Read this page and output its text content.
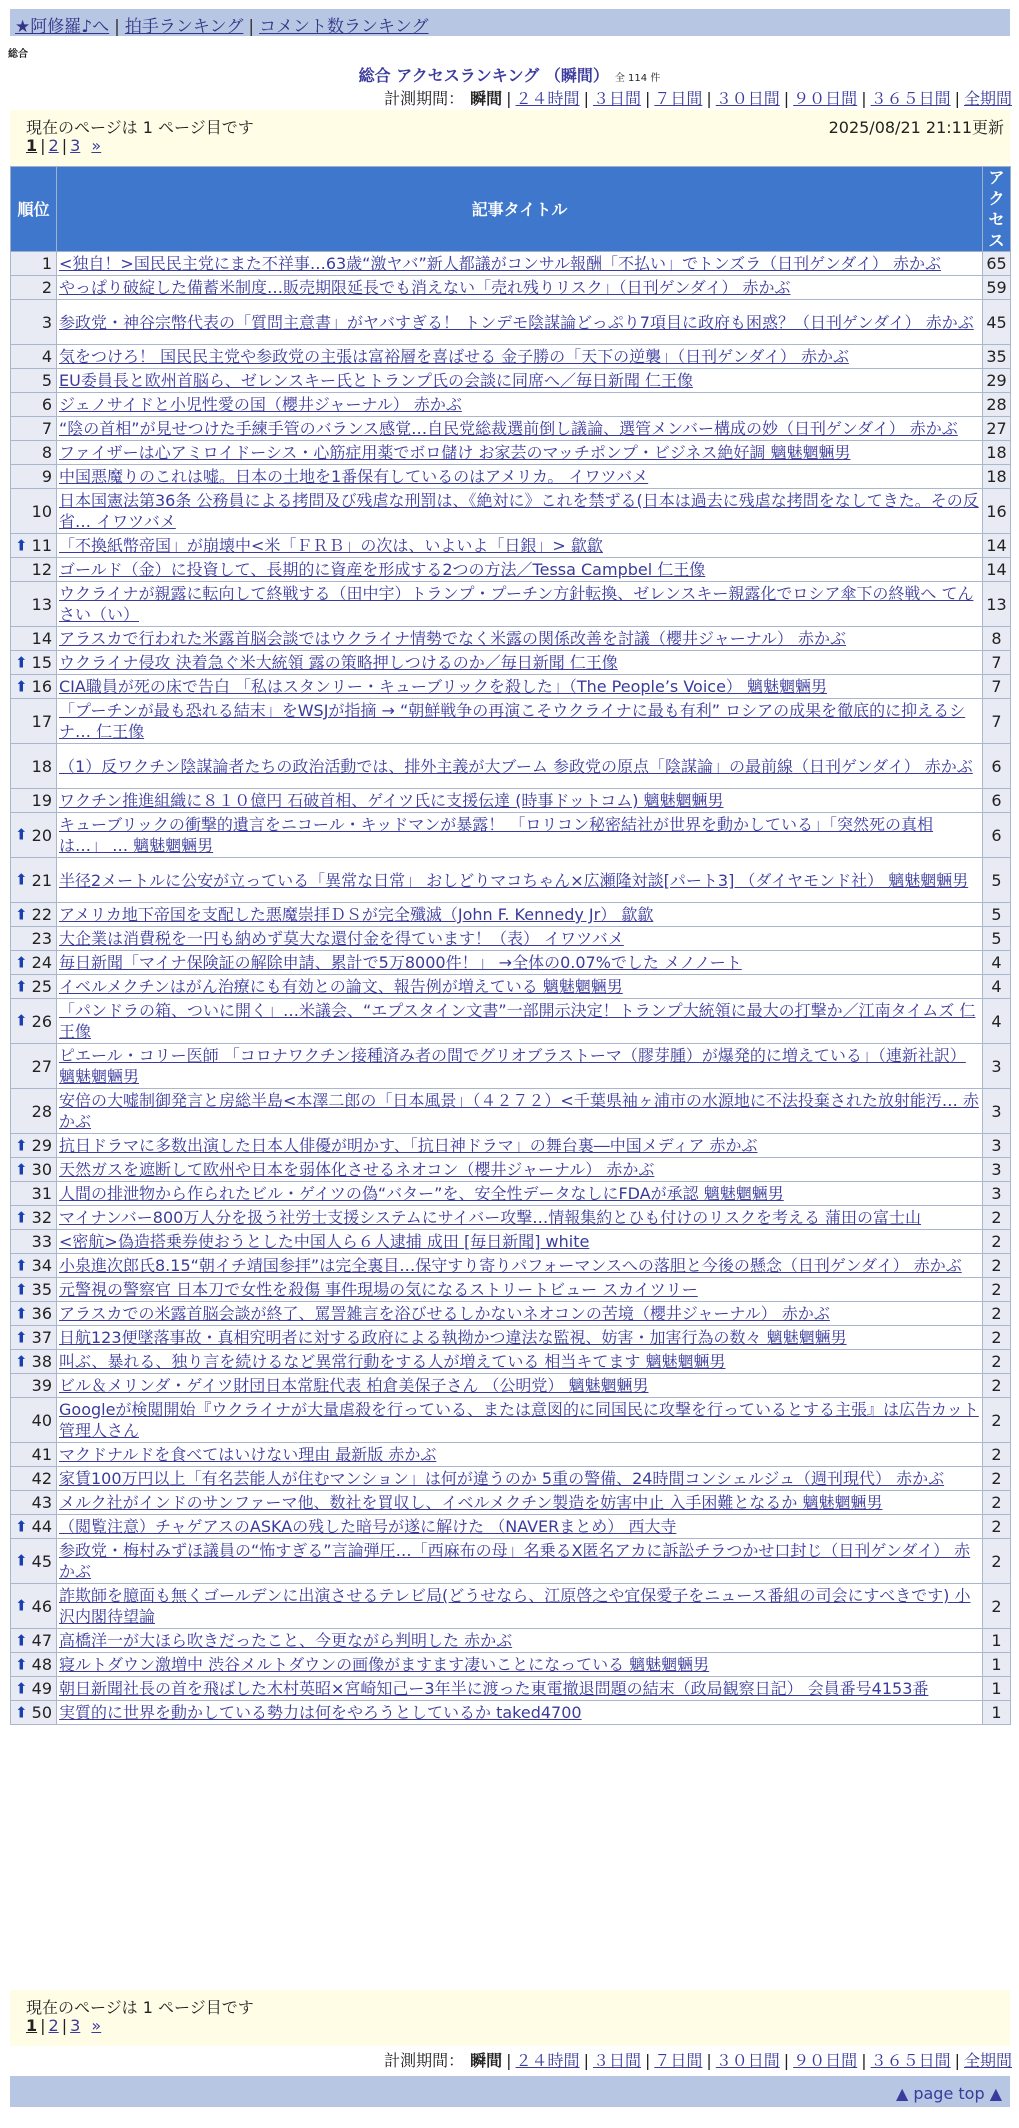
★阿修羅♪へ | 拍手ランキング | コメント数ランキング
総合
総合 アクセスランキング （瞬間） 全 114 件
計測期間： 瞬間 | ２４時間 | ３日間 | ７日間 | ３０日間 | ９０日間 | ３６５日間 | 全期間
現在のページは 1 ページ目です	2025/08/21 21:11更新
1 | 2 | 3 »
順位	記事タイトル	アクセス
1	<独自！>国民民主党にまた不祥事…63歳“激ヤバ”新人都議がコンサル報酬「不払い」でトンズラ（日刊ゲンダイ） 赤かぶ	65
2	やっぱり破綻した備蓄米制度…販売期限延長でも消えない「売れ残りリスク」（日刊ゲンダイ） 赤かぶ	59
3	参政党・神谷宗幣代表の「質問主意書」がヤバすぎる！ トンデモ陰謀論どっぷり7項目に政府も困惑？（日刊ゲンダイ） 赤かぶ	45
4	気をつけろ！ 国民民主党や参政党の主張は富裕層を喜ばせる 金子勝の「天下の逆襲」（日刊ゲンダイ） 赤かぶ	35
5	EU委員長と欧州首脳ら、ゼレンスキー氏とトランプ氏の会談に同席へ／毎日新聞 仁王像	29
6	ジェノサイドと小児性愛の国（櫻井ジャーナル） 赤かぶ	28
7	“陰の首相”が見せつけた手練手管のバランス感覚…自民党総裁選前倒し議論、選管メンバー構成の妙（日刊ゲンダイ） 赤かぶ	27
8	ファイザーは心アミロイドーシス・心筋症用薬でボロ儲け お家芸のマッチポンプ・ビジネス絶好調 魑魅魍魎男	18
9	中国悪魔りのこれは嘘。日本の土地を1番保有しているのはアメリカ。 イワツバメ	18
10	日本国憲法第36条 公務員による拷問及び残虐な刑罰は、《絶対に》これを禁ずる(日本は過去に残虐な拷問をなしてきた。その反省… イワツバメ	16

⬆ 11	「不換紙幣帝国」が崩壊中<米「ＦＲＢ」の次は、いよいよ「日銀」> 歙歙	14
12	ゴールド（金）に投資して、長期的に資産を形成する2つの方法／Tessa Campbel 仁王像	14
13	ウクライナが親露に転向して終戦する（田中宇）トランプ・プーチン方針転換、ゼレンスキー親露化でロシア傘下の終戦へ てんさい（い）	13
14	アラスカで行われた米露首脳会談ではウクライナ情勢でなく米露の関係改善を討議（櫻井ジャーナル） 赤かぶ	8

⬆ 15	ウクライナ侵攻 決着急ぐ米大統領 露の策略押しつけるのか／毎日新聞 仁王像	7

⬆ 16	CIA職員が死の床で告白 「私はスタンリー・キューブリックを殺した」（The People’s Voice） 魑魅魍魎男	7
17	「プーチンが最も恐れる結末」をWSJが指摘 → “朝鮮戦争の再演こそウクライナに最も有利” ロシアの成果を徹底的に抑えるシナ… 仁王像	7
18	（1）反ワクチン陰謀論者たちの政治活動では、排外主義が大ブーム 参政党の原点「陰謀論」の最前線（日刊ゲンダイ） 赤かぶ	6
19	ワクチン推進組織に８１０億円 石破首相、ゲイツ氏に支援伝達 (時事ドットコム) 魑魅魍魎男	6

⬆ 20	キューブリックの衝撃的遺言をニコール・キッドマンが暴露！ 「ロリコン秘密結社が世界を動かしている」「突然死の真相は…」 … 魑魅魍魎男	6

⬆ 21	半径2メートルに公安が立っている「異常な日常」 おしどりマコちゃん×広瀬隆対談[パート3] （ダイヤモンド社） 魑魅魍魎男	5

⬆ 22	アメリカ地下帝国を支配した悪魔崇拝ＤＳが完全殲滅（John F. Kennedy Jr） 歙歙	5
23	大企業は消費税を一円も納めず莫大な還付金を得ています！（表） イワツバメ	5

⬆ 24	毎日新聞「マイナ保険証の解除申請、累計で5万8000件！」 →全体の0.07%でした メノノート	4

⬆ 25	イベルメクチンはがん治療にも有効との論文、報告例が増えている 魑魅魍魎男	4

⬆ 26	「パンドラの箱、ついに開く」…米議会、“エプスタイン文書”一部開示決定！トランプ大統領に最大の打撃か／江南タイムズ 仁王像	4
27	ピエール・コリー医師 「コロナワクチン接種済み者の間でグリオブラストーマ（膠芽腫）が爆発的に増えている」（連新社訳） 魑魅魍魎男	3
28	安倍の大嘘制御発言と房総半島<本澤二郎の「日本風景」（４２７２）<千葉県袖ヶ浦市の水源地に不法投棄された放射能汚… 赤かぶ	3

⬆ 29	抗日ドラマに多数出演した日本人俳優が明かす、「抗日神ドラマ」の舞台裏―中国メディア 赤かぶ	3

⬆ 30	天然ガスを遮断して欧州や日本を弱体化させるネオコン（櫻井ジャーナル） 赤かぶ	3
31	人間の排泄物から作られたビル・ゲイツの偽“バター”を、安全性データなしにFDAが承認 魑魅魍魎男	3

⬆ 32	マイナンバー800万人分を扱う社労士支援システムにサイバー攻撃…情報集約とひも付けのリスクを考える 蒲田の富士山	2
33	<密航>偽造搭乗券使おうとした中国人ら６人逮捕 成田 [毎日新聞] white	2

⬆ 34	小泉進次郎氏8.15“朝イチ靖国参拝”は完全裏目…保守すり寄りパフォーマンスへの落胆と今後の懸念（日刊ゲンダイ） 赤かぶ	2

⬆ 35	元警視の警察官 日本刀で女性を殺傷 事件現場の気になるストリートビュー スカイツリー	2

⬆ 36	アラスカでの米露首脳会談が終了、罵詈雑言を浴びせるしかないネオコンの苦境（櫻井ジャーナル） 赤かぶ	2

⬆ 37	日航123便墜落事故・真相究明者に対する政府による執拗かつ違法な監視、妨害・加害行為の数々 魑魅魍魎男	2

⬆ 38	叫ぶ、暴れる、独り言を続けるなど異常行動をする人が増えている 相当キてます 魑魅魍魎男	2
39	ビル＆メリンダ・ゲイツ財団日本常駐代表 柏倉美保子さん （公明党） 魑魅魍魎男	2
40	Googleが検閲開始『ウクライナが大量虐殺を行っている、または意図的に同国民に攻撃を行っているとする主張』は広告カット 管理人さん	2
41	マクドナルドを食べてはいけない理由 最新版 赤かぶ	2
42	家賃100万円以上「有名芸能人が住むマンション」は何が違うのか 5重の警備、24時間コンシェルジュ（週刊現代） 赤かぶ	2
43	メルク社がインドのサンファーマ他、数社を買収し、イベルメクチン製造を妨害中止 入手困難となるか 魑魅魍魎男	2

⬆ 44	（閲覧注意）チャゲアスのASKAの残した暗号が遂に解けた （NAVERまとめ） 西大寺	2

⬆ 45	参政党・梅村みずほ議員の“怖すぎる”言論弾圧…「西麻布の母」名乗るX匿名アカに訴訟チラつかせ口封じ（日刊ゲンダイ） 赤かぶ	2

⬆ 46	詐欺師を臆面も無くゴールデンに出演させるテレビ局(どうせなら、江原啓之や宜保愛子をニュース番組の司会にすべきです) 小沢内閣待望論	2

⬆ 47	高橋洋一が大ほら吹きだったこと、今更ながら判明した 赤かぶ	1

⬆ 48	寝ルトダウン激増中 渋谷メルトダウンの画像がますます凄いことになっている 魑魅魍魎男	1

⬆ 49	朝日新聞社長の首を飛ばした木村英昭×宮崎知己ー3年半に渡った東電撤退問題の結末（政局観察日記） 会員番号4153番	1

⬆ 50	実質的に世界を動かしている勢力は何をやろうとしているか taked4700	1
現在のページは 1 ページ目です
1 | 2 | 3 »
計測期間： 瞬間 | ２４時間 | ３日間 | ７日間 | ３０日間 | ９０日間 | ３６５日間 | 全期間
▲ page top ▲
